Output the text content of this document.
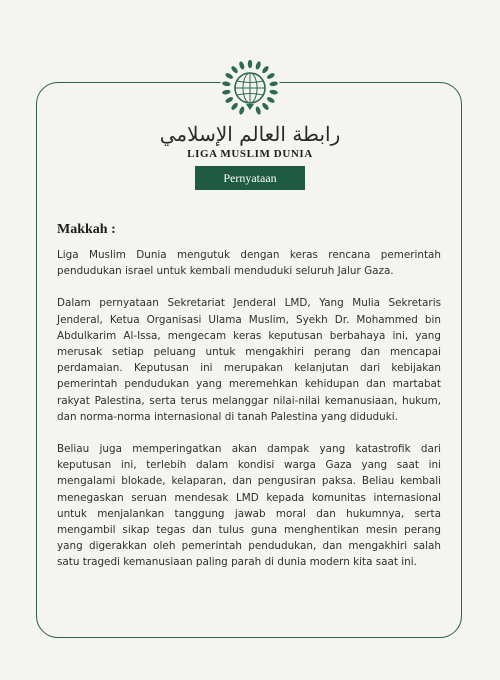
رابطة العالم الإسلامي
LIGA MUSLIM DUNIA
Pernyataan
Makkah :

Liga Muslim Dunia mengutuk dengan keras rencana pemerintah pendudukan israel untuk kembali menduduki seluruh Jalur Gaza.

Dalam pernyataan Sekretariat Jenderal LMD, Yang Mulia Sekretaris Jenderal, Ketua Organisasi Ulama Muslim, Syekh Dr. Mohammed bin Abdulkarim Al-Issa, mengecam keras keputusan berbahaya ini, yang merusak setiap peluang untuk mengakhiri perang dan mencapai perdamaian. Keputusan ini merupakan kelanjutan dari kebijakan pemerintah pendudukan yang meremehkan kehidupan dan martabat rakyat Palestina, serta terus melanggar nilai-nilai kemanusiaan, hukum, dan norma-norma internasional di tanah Palestina yang diduduki.

Beliau juga memperingatkan akan dampak yang katastrofik dari keputusan ini, terlebih dalam kondisi warga Gaza yang saat ini mengalami blokade, kelaparan, dan pengusiran paksa. Beliau kembali menegaskan seruan mendesak LMD kepada komunitas internasional untuk menjalankan tanggung jawab moral dan hukumnya, serta mengambil sikap tegas dan tulus guna menghentikan mesin perang yang digerakkan oleh pemerintah pendudukan, dan mengakhiri salah satu tragedi kemanusiaan paling parah di dunia modern kita saat ini.
